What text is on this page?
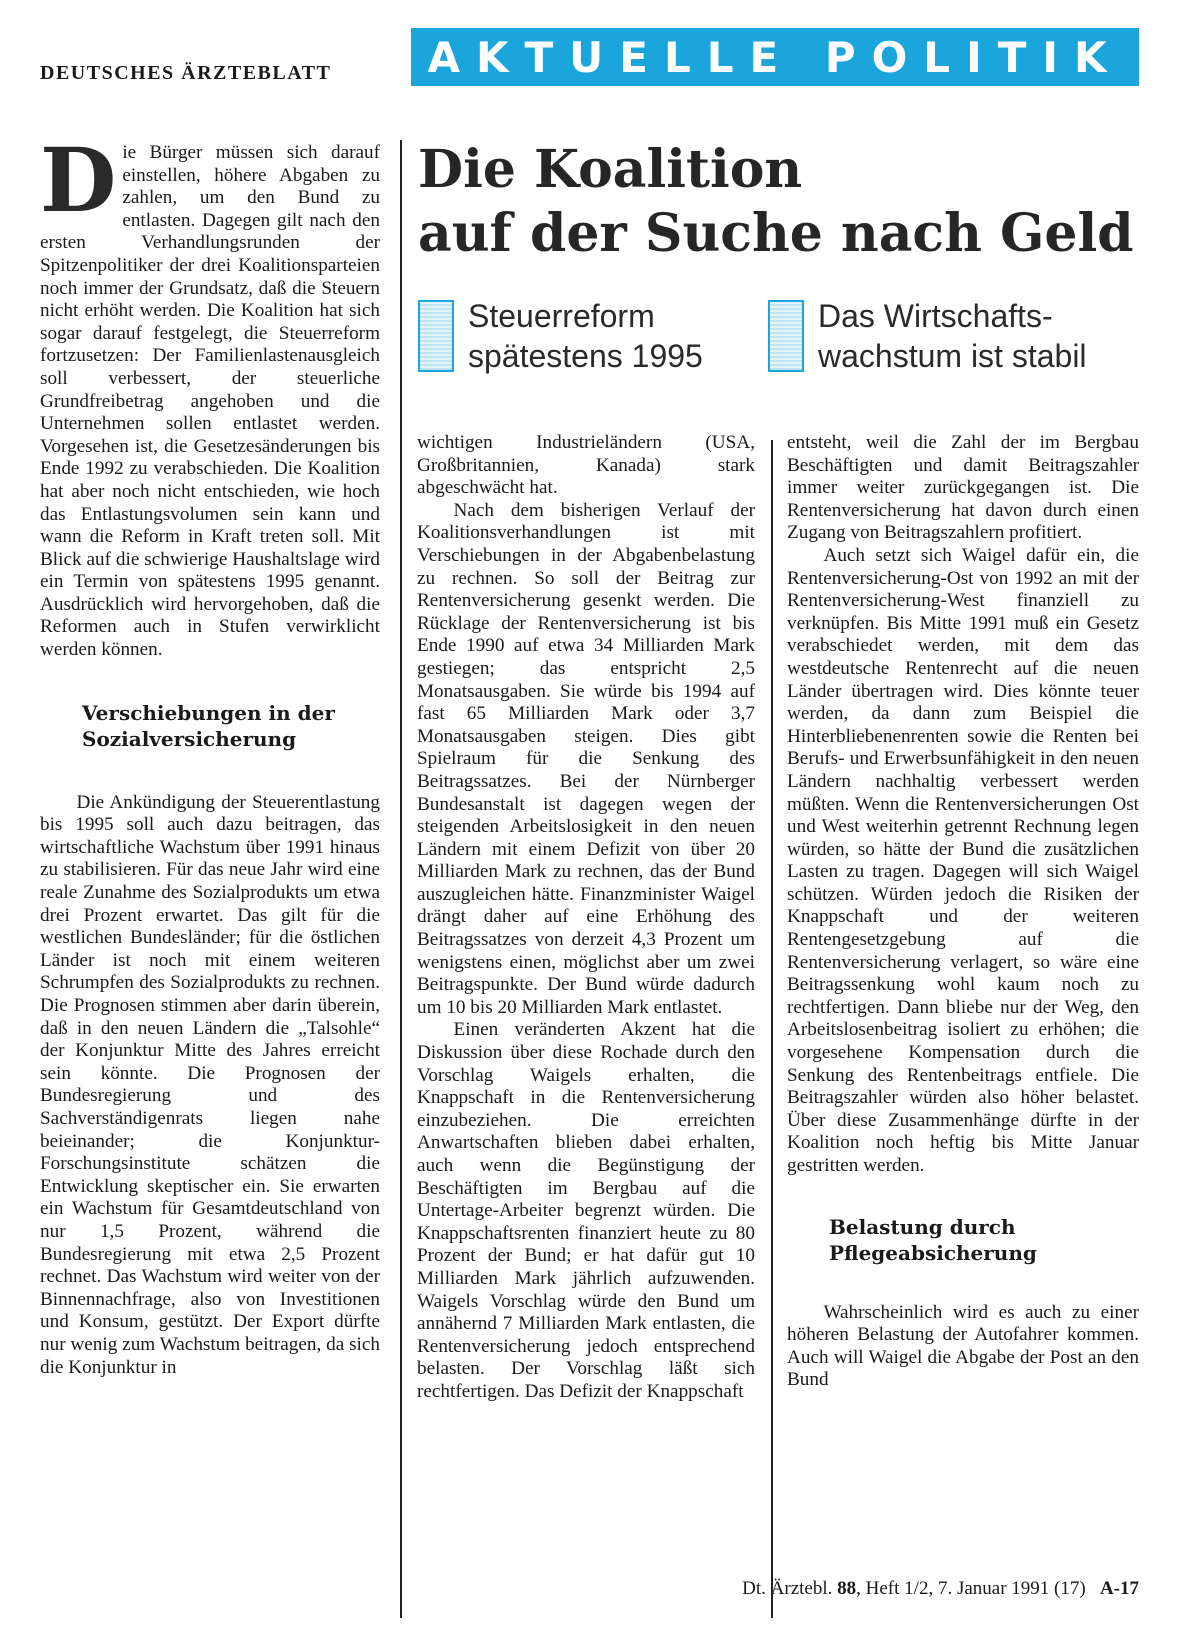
DEUTSCHES ÄRZTEBLATT	AKTUELLE POLITIK
Die Koalition
auf der Suche nach Geld
Steuerreform
spätestens 1995
Das Wirtschafts-
wachstum ist stabil

Die Bürger müssen sich darauf einstellen, höhere Abgaben zu zahlen, um den Bund zu entlasten. Dagegen gilt nach den ersten Verhandlungsrunden der Spitzenpolitiker der drei Koalitionsparteien noch immer der Grundsatz, daß die Steuern nicht erhöht werden. Die Koalition hat sich sogar darauf festgelegt, die Steuerreform fortzusetzen: Der Familienlastenausgleich soll verbessert, der steuerliche Grundfreibetrag angehoben und die Unternehmen sollen entlastet werden. Vorgesehen ist, die Gesetzesänderungen bis Ende 1992 zu verabschieden. Die Koalition hat aber noch nicht entschieden, wie hoch das Entlastungsvolumen sein kann und wann die Reform in Kraft treten soll. Mit Blick auf die schwierige Haushaltslage wird ein Termin von spätestens 1995 genannt. Ausdrücklich wird hervorgehoben, daß die Reformen auch in Stufen verwirklicht werden können.

Verschiebungen in der Sozialversicherung

Die Ankündigung der Steuerentlastung bis 1995 soll auch dazu beitragen, das wirtschaftliche Wachstum über 1991 hinaus zu stabilisieren. Für das neue Jahr wird eine reale Zunahme des Sozialprodukts um etwa drei Prozent erwartet. Das gilt für die westlichen Bundesländer; für die östlichen Länder ist noch mit einem weiteren Schrumpfen des Sozialprodukts zu rechnen. Die Prognosen stimmen aber darin überein, daß in den neuen Ländern die „Talsohle“ der Konjunktur Mitte des Jahres erreicht sein könnte. Die Prognosen der Bundesregierung und des Sachverständigenrats liegen nahe beieinander; die Konjunktur-Forschungsinstitute schätzen die Entwicklung skeptischer ein. Sie erwarten ein Wachstum für Gesamtdeutschland von nur 1,5 Prozent, während die Bundesregierung mit etwa 2,5 Prozent rechnet. Das Wachstum wird weiter von der Binnennachfrage, also von Investitionen und Konsum, gestützt. Der Export dürfte nur wenig zum Wachstum beitragen, da sich die Konjunktur in

wichtigen Industrieländern (USA, Großbritannien, Kanada) stark abgeschwächt hat.

Nach dem bisherigen Verlauf der Koalitionsverhandlungen ist mit Verschiebungen in der Abgabenbelastung zu rechnen. So soll der Beitrag zur Rentenversicherung gesenkt werden. Die Rücklage der Rentenversicherung ist bis Ende 1990 auf etwa 34 Milliarden Mark gestiegen; das entspricht 2,5 Monatsausgaben. Sie würde bis 1994 auf fast 65 Milliarden Mark oder 3,7 Monatsausgaben steigen. Dies gibt Spielraum für die Senkung des Beitragssatzes. Bei der Nürnberger Bundesanstalt ist dagegen wegen der steigenden Arbeitslosigkeit in den neuen Ländern mit einem Defizit von über 20 Milliarden Mark zu rechnen, das der Bund auszugleichen hätte. Finanzminister Waigel drängt daher auf eine Erhöhung des Beitragssatzes von derzeit 4,3 Prozent um wenigstens einen, möglichst aber um zwei Beitragspunkte. Der Bund würde dadurch um 10 bis 20 Milliarden Mark entlastet.

Einen veränderten Akzent hat die Diskussion über diese Rochade durch den Vorschlag Waigels erhalten, die Knappschaft in die Rentenversicherung einzubeziehen. Die erreichten Anwartschaften blieben dabei erhalten, auch wenn die Begünstigung der Beschäftigten im Bergbau auf die Untertage-Arbeiter begrenzt würden. Die Knappschaftsrenten finanziert heute zu 80 Prozent der Bund; er hat dafür gut 10 Milliarden Mark jährlich aufzuwenden. Waigels Vorschlag würde den Bund um annähernd 7 Milliarden Mark entlasten, die Rentenversicherung jedoch entsprechend belasten. Der Vorschlag läßt sich rechtfertigen. Das Defizit der Knappschaft

entsteht, weil die Zahl der im Bergbau Beschäftigten und damit Beitragszahler immer weiter zurückgegangen ist. Die Rentenversicherung hat davon durch einen Zugang von Beitragszahlern profitiert.

Auch setzt sich Waigel dafür ein, die Rentenversicherung-Ost von 1992 an mit der Rentenversicherung-West finanziell zu verknüpfen. Bis Mitte 1991 muß ein Gesetz verabschiedet werden, mit dem das westdeutsche Rentenrecht auf die neuen Länder übertragen wird. Dies könnte teuer werden, da dann zum Beispiel die Hinterbliebenenrenten sowie die Renten bei Berufs- und Erwerbsunfähigkeit in den neuen Ländern nachhaltig verbessert werden müßten. Wenn die Rentenversicherungen Ost und West weiterhin getrennt Rechnung legen würden, so hätte der Bund die zusätzlichen Lasten zu tragen. Dagegen will sich Waigel schützen. Würden jedoch die Risiken der Knappschaft und der weiteren Rentengesetzgebung auf die Rentenversicherung verlagert, so wäre eine Beitragssenkung wohl kaum noch zu rechtfertigen. Dann bliebe nur der Weg, den Arbeitslosenbeitrag isoliert zu erhöhen; die vorgesehene Kompensation durch die Senkung des Rentenbeitrags entfiele. Die Beitragszahler würden also höher belastet. Über diese Zusammenhänge dürfte in der Koalition noch heftig bis Mitte Januar gestritten werden.

Belastung durch Pflegeabsicherung

Wahrscheinlich wird es auch zu einer höheren Belastung der Autofahrer kommen. Auch will Waigel die Abgabe der Post an den Bund

Dt. Ärztebl. 88, Heft 1/2, 7. Januar 1991 (17) A-17
